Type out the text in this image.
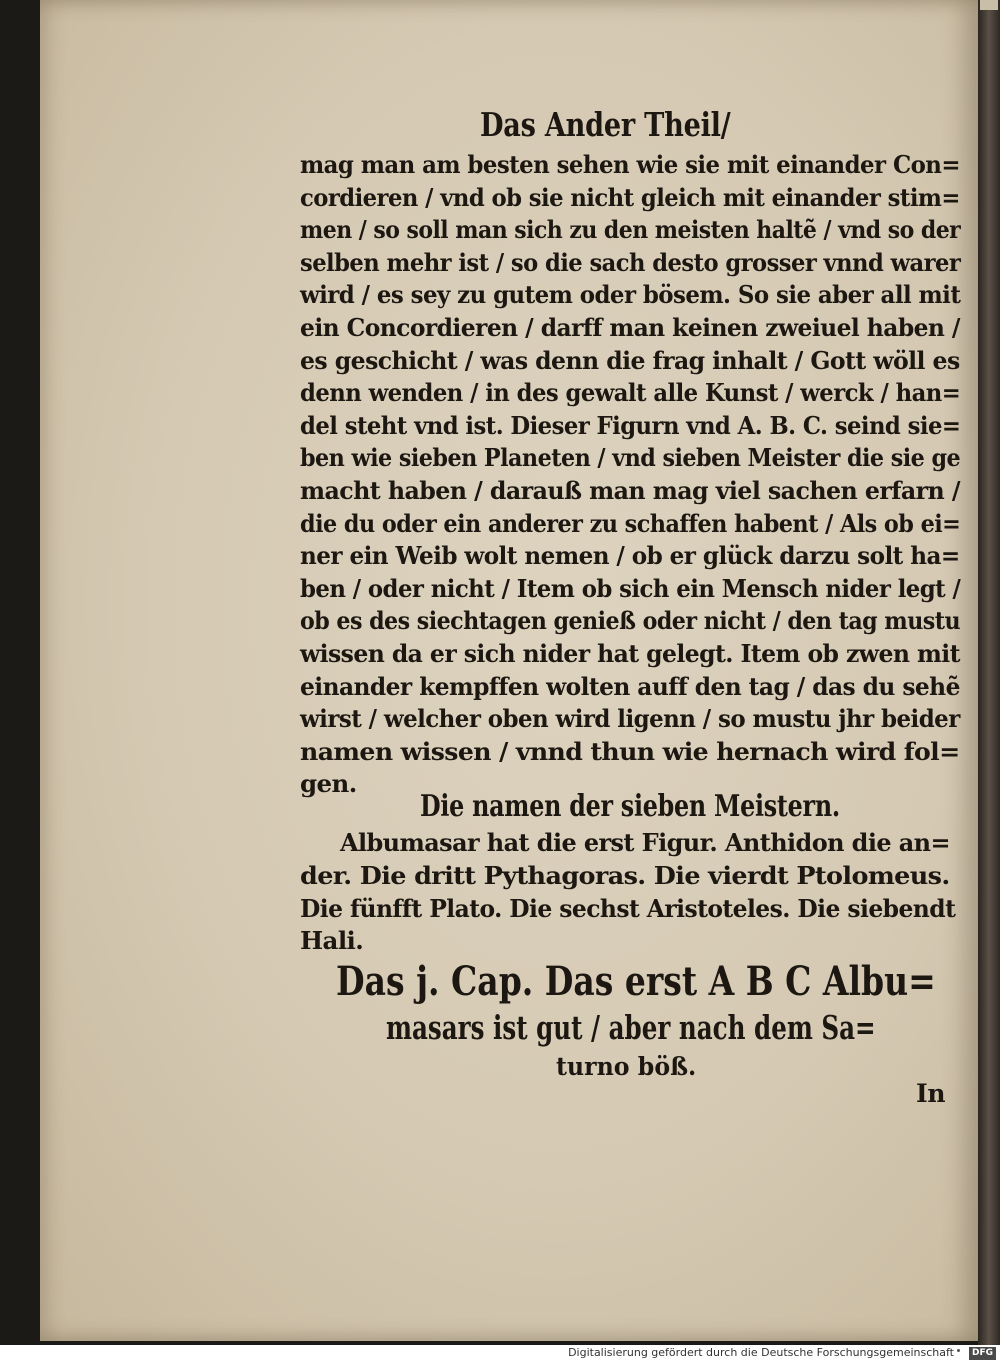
Das Ander Theil/
mag man am besten sehen wie sie mit einander Con=
cordieren / vnd ob sie nicht gleich mit einander stim=
men / so soll man sich zu den meisten haltẽ / vnd so der
selben mehr ist / so die sach desto grosser vnnd warer
wird / es sey zu gutem oder bösem. So sie aber all mit
ein Concordieren / darff man keinen zweiuel haben /
es geschicht / was denn die frag inhalt / Gott wöll es
denn wenden / in des gewalt alle Kunst / werck / han=
del steht vnd ist. Dieser Figurn vnd A. B. C. seind sie=
ben wie sieben Planeten / vnd sieben Meister die sie ge
macht haben / darauß man mag viel sachen erfarn /
die du oder ein anderer zu schaffen habent / Als ob ei=
ner ein Weib wolt nemen / ob er glück darzu solt ha=
ben / oder nicht / Item ob sich ein Mensch nider legt /
ob es des siechtagen genieß oder nicht / den tag mustu
wissen da er sich nider hat gelegt. Item ob zwen mit
einander kempffen wolten auff den tag / das du sehẽ
wirst / welcher oben wird ligenn / so mustu jhr beider
namen wissen / vnnd thun wie hernach wird fol=
gen.
Die namen der sieben Meistern.
Albumasar hat die erst Figur. Anthidon die an=
der. Die dritt Pythagoras. Die vierdt Ptolomeus.
Die fünfft Plato. Die sechst Aristoteles. Die siebendt
Hali.
Das j. Cap. Das erst A B C Albu=
masars ist gut / aber nach dem Sa=
turno böß.
In
Digitalisierung gefördert durch die Deutsche Forschungsgemeinschaft	DFG
